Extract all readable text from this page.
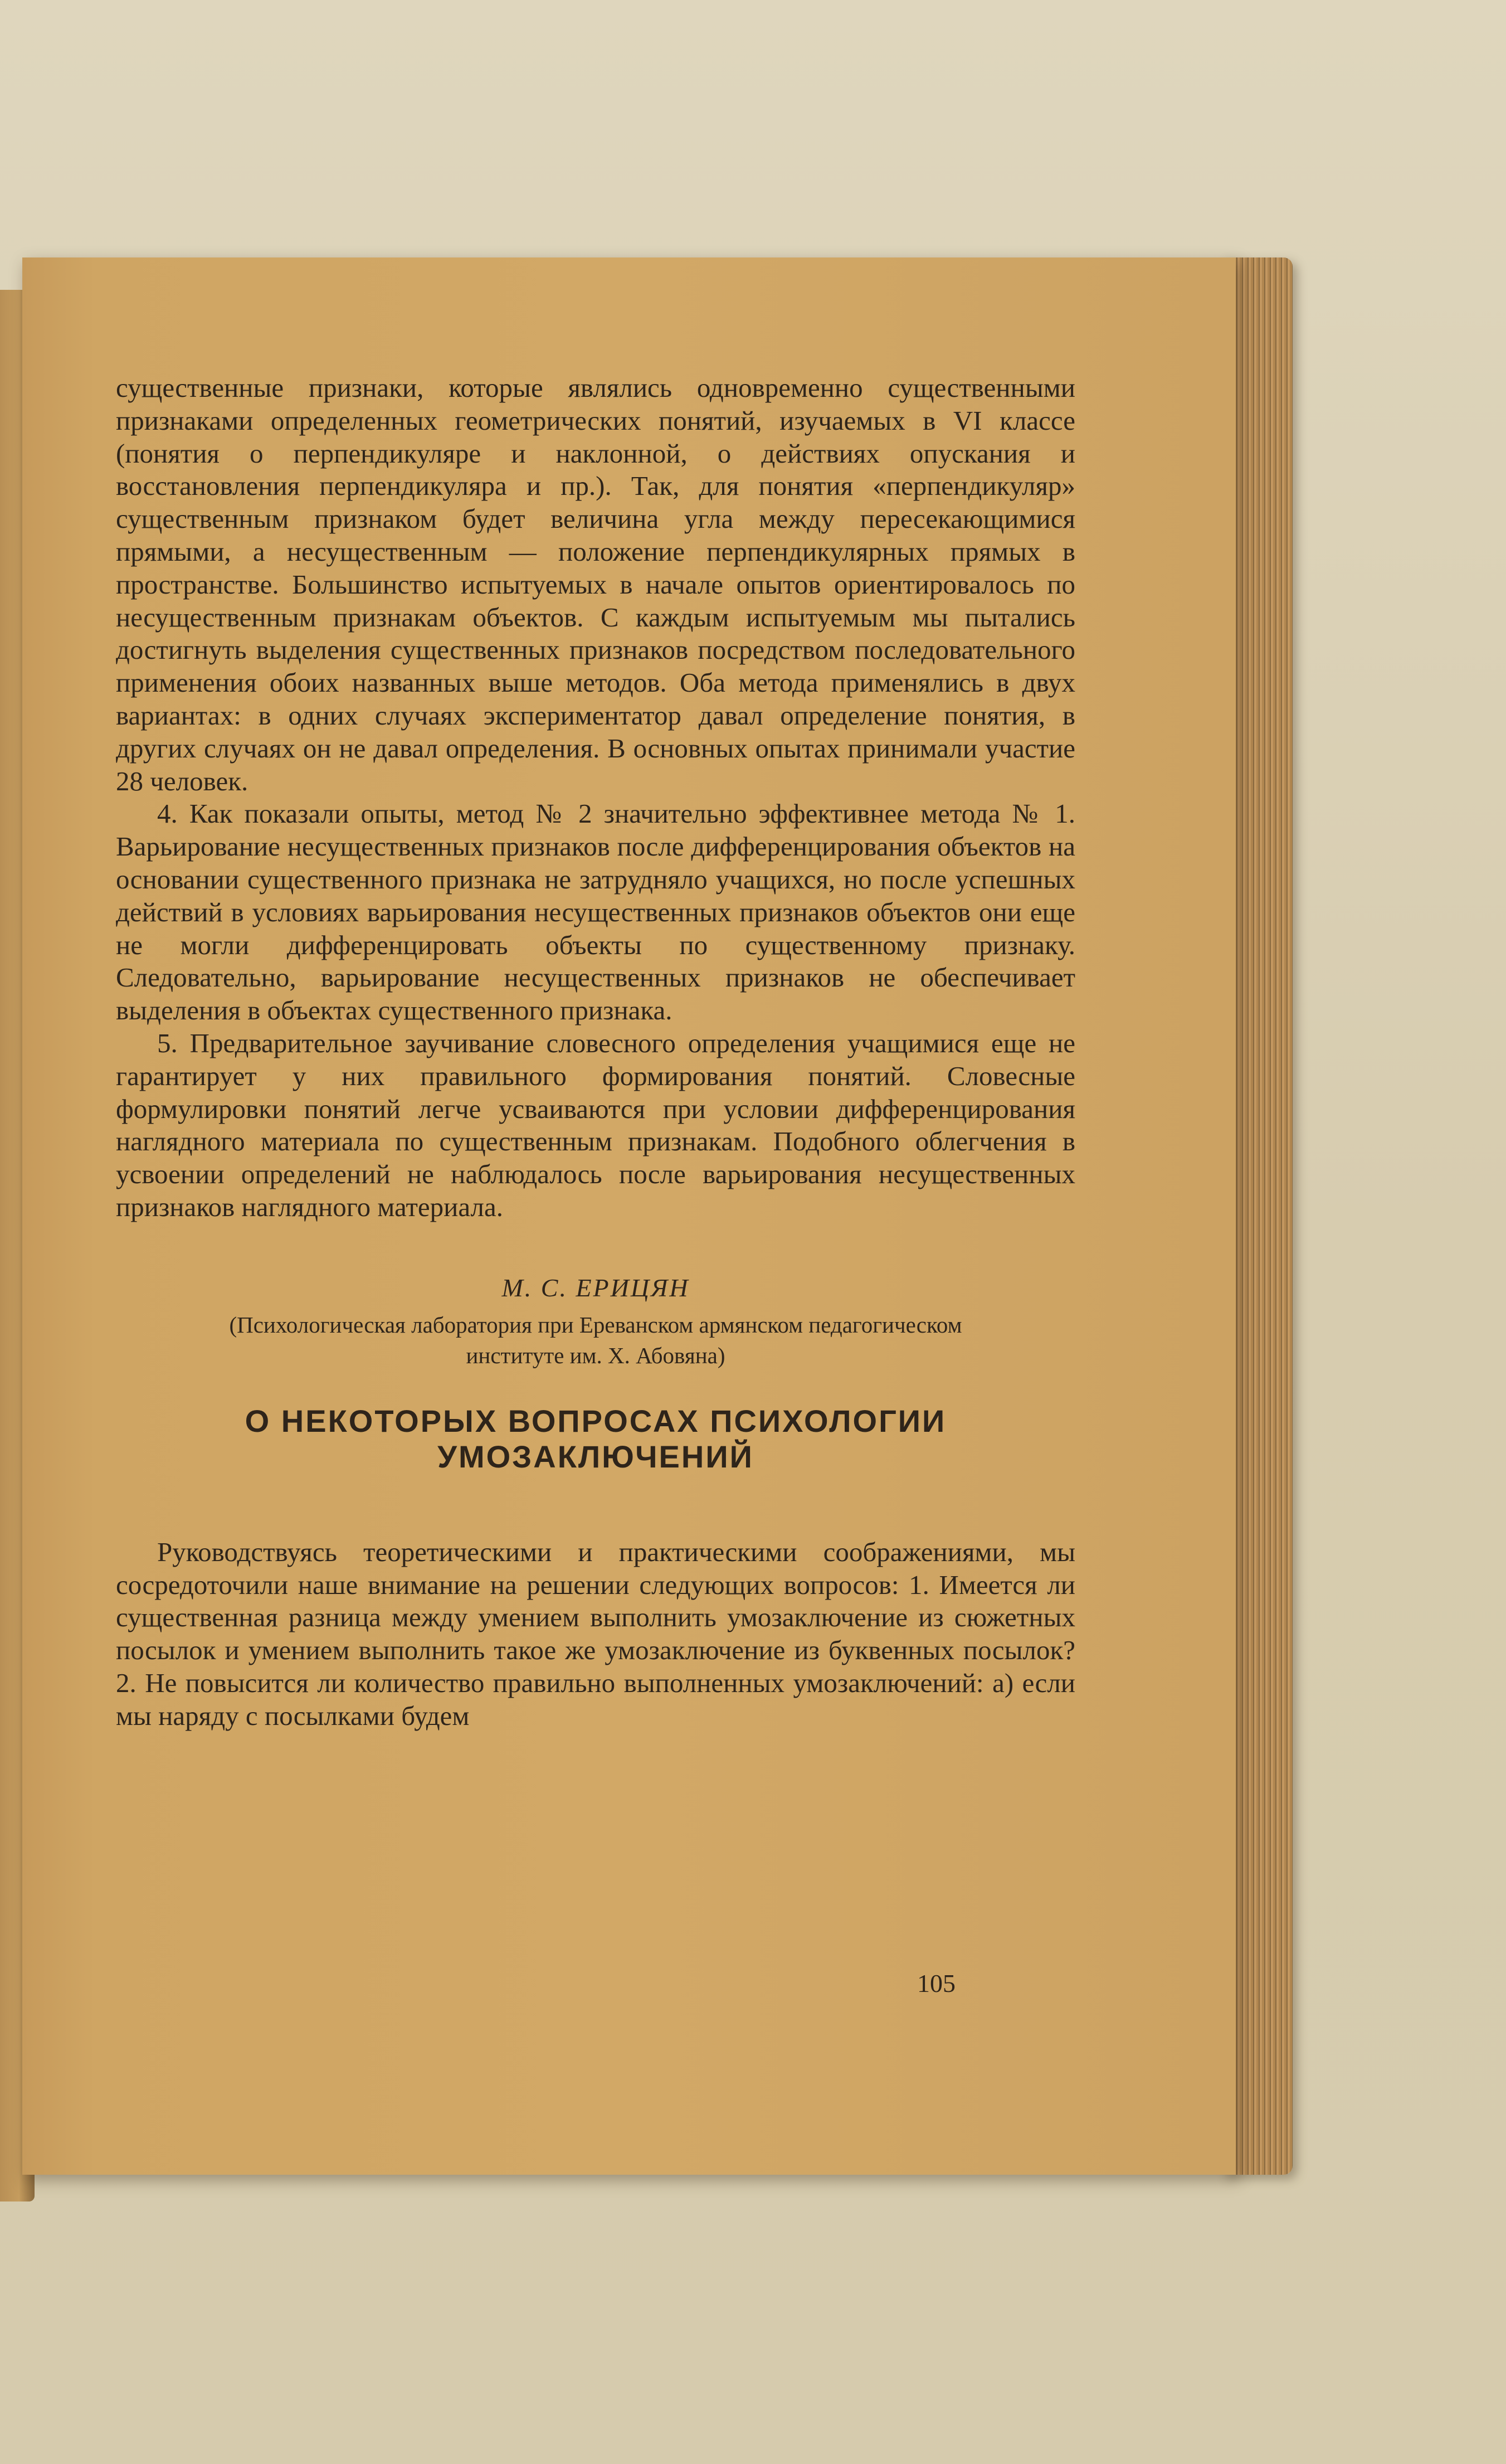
существенные признаки, которые являлись одновременно существенными признаками определенных геометрических понятий, изучаемых в VI классе (понятия о перпендикуляре и наклонной, о действиях опускания и восстановления перпендикуляра и пр.). Так, для понятия «перпендикуляр» существенным признаком будет величина угла между пересекающимися прямыми, а несущественным — положение перпендикулярных прямых в пространстве. Большинство испытуемых в начале опытов ориентировалось по несущественным признакам объектов. С каждым испытуемым мы пытались достигнуть выделения существенных признаков посредством последовательного применения обоих названных выше методов. Оба метода применялись в двух вариантах: в одних случаях экспериментатор давал определение понятия, в других случаях он не давал определения. В основных опытах принимали участие 28 человек.

4. Как показали опыты, метод № 2 значительно эффективнее метода № 1. Варьирование несущественных признаков после дифференцирования объектов на основании существенного признака не затрудняло учащихся, но после успешных действий в условиях варьирования несущественных признаков объектов они еще не могли дифференцировать объекты по существенному признаку. Следовательно, варьирование несущественных признаков не обеспечивает выделения в объектах существенного признака.

5. Предварительное заучивание словесного определения учащимися еще не гарантирует у них правильного формирования понятий. Словесные формулировки понятий легче усваиваются при условии дифференцирования наглядного материала по существенным признакам. Подобного облегчения в усвоении определений не наблюдалось после варьирования несущественных признаков наглядного материала.

М. С. ЕРИЦЯН

(Психологическая лаборатория при Ереванском армянском педагогическом институте им. Х. Абовяна)

О НЕКОТОРЫХ ВОПРОСАХ ПСИХОЛОГИИ УМОЗАКЛЮЧЕНИЙ

Руководствуясь теоретическими и практическими соображениями, мы сосредоточили наше внимание на решении следующих вопросов: 1. Имеется ли существенная разница между умением выполнить умозаключение из сюжетных посылок и умением выполнить такое же умозаключение из буквенных посылок? 2. Не повысится ли количество правильно выполненных умозаключений: а) если мы наряду с посылками будем

105
